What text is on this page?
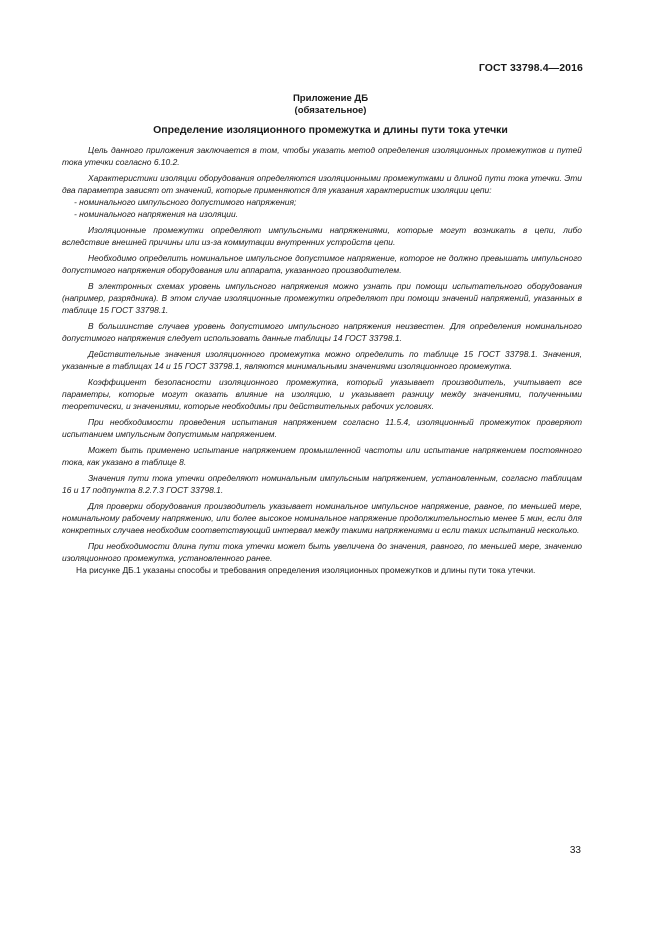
ГОСТ 33798.4—2016
Приложение ДБ
(обязательное)
Определение изоляционного промежутка и длины пути тока утечки

Цель данного приложения заключается в том, чтобы указать метод определения изоляционных промежутков и путей тока утечки согласно 6.10.2.

Характеристики изоляции оборудования определяются изоляционными промежутками и длиной пути тока утечки. Эти два параметра зависят от значений, которые применяются для указания характеристик изоляции цепи:

- номинального импульсного допустимого напряжения;

- номинального напряжения на изоляции.

Изоляционные промежутки определяют импульсными напряжениями, которые могут возникать в цепи, либо вследствие внешней причины или из-за коммутации внутренних устройств цепи.

Необходимо определить номинальное импульсное допустимое напряжение, которое не должно превышать импульсного допустимого напряжения оборудования или аппарата, указанного производителем.

В электронных схемах уровень импульсного напряжения можно узнать при помощи испытательного оборудования (например, разрядника). В этом случае изоляционные промежутки определяют при помощи значений напряжений, указанных в таблице 15 ГОСТ 33798.1.

В большинстве случаев уровень допустимого импульсного напряжения неизвестен. Для определения номинального допустимого напряжения следует использовать данные таблицы 14 ГОСТ 33798.1.

Действительные значения изоляционного промежутка можно определить по таблице 15 ГОСТ 33798.1. Значения, указанные в таблицах 14 и 15 ГОСТ 33798.1, являются минимальными значениями изоляционного промежутка.

Коэффициент безопасности изоляционного промежутка, который указывает производитель, учитывает все параметры, которые могут оказать влияние на изоляцию, и указывает разницу между значениями, полученными теоретически, и значениями, которые необходимы при действительных рабочих условиях.

При необходимости проведения испытания напряжением согласно 11.5.4, изоляционный промежуток проверяют испытанием импульсным допустимым напряжением.

Может быть применено испытание напряжением промышленной частоты или испытание напряжением постоянного тока, как указано в таблице 8.

Значения пути тока утечки определяют номинальным импульсным напряжением, установленным, согласно таблицам 16 и 17 подпункта 8.2.7.3 ГОСТ 33798.1.

Для проверки оборудования производитель указывает номинальное импульсное напряжение, равное, по меньшей мере, номинальному рабочему напряжению, или более высокое номинальное напряжение продолжительностью менее 5 мин, если для конкретных случаев необходим соответствующий интервал между такими напряжениями и если таких испытаний несколько.

При необходимости длина пути тока утечки может быть увеличена до значения, равного, по меньшей мере, значению изоляционного промежутка, установленного ранее.

На рисунке ДБ.1 указаны способы и требования определения изоляционных промежутков и длины пути тока утечки.

33
